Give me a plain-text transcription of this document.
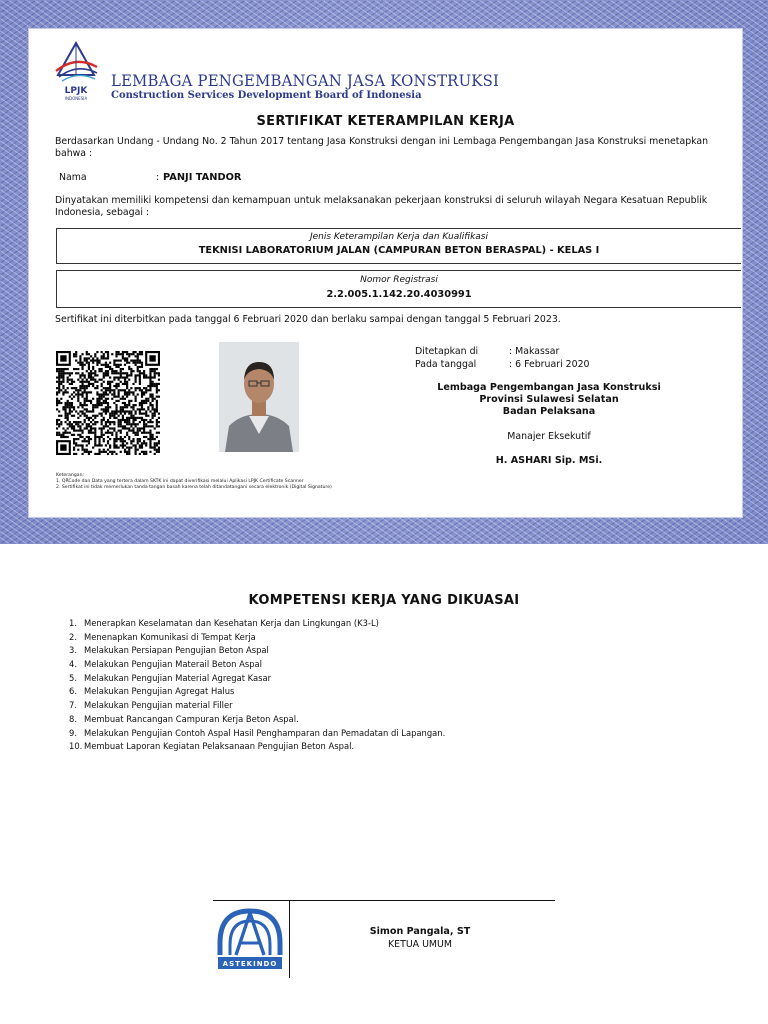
LPJK
INDONESIA
LEMBAGA PENGEMBANGAN JASA KONSTRUKSI
Construction Services Development Board of Indonesia
SERTIFIKAT KETERAMPILAN KERJA
Berdasarkan Undang - Undang No. 2 Tahun 2017 tentang Jasa Konstruksi dengan ini Lembaga Pengembangan Jasa Konstruksi menetapkan bahwa :
Nama	: PANJI TANDOR
Dinyatakan memiliki kompetensi dan kemampuan untuk melaksanakan pekerjaan konstruksi di seluruh wilayah Negara Kesatuan Republik Indonesia, sebagai :
Jenis Keterampilan Kerja dan Kualifikasi
TEKNISI LABORATORIUM JALAN (CAMPURAN BETON BERASPAL) - KELAS I
Nomor Registrasi
2.2.005.1.142.20.4030991
Sertifikat ini diterbitkan pada tanggal 6 Februari 2020 dan berlaku sampai dengan tanggal 5 Februari 2023.
Ditetapkan di	: Makassar
Pada tanggal	: 6 Februari 2020
Lembaga Pengembangan Jasa Konstruksi
Provinsi Sulawesi Selatan
Badan Pelaksana
Manajer Eksekutif
H. ASHARI Sip. MSi.
Keterangan:
1. QRCode dan Data yang tertera dalam SKTK ini dapat diverifikasi melalui Aplikasi LPJK Certificate Scanner
2. Sertifikat ini tidak memerlukan tanda tangan basah karena telah ditandatangani secara elektronik (Digital Signature)
KOMPETENSI KERJA YANG DIKUASAI
1. Menerapkan Keselamatan dan Kesehatan Kerja dan Lingkungan (K3-L)
2. Menenapkan Komunikasi di Tempat Kerja
3. Melakukan Persiapan Pengujian Beton Aspal
4. Melakukan Pengujian Materail Beton Aspal
5. Melakukan Pengujian Material Agregat Kasar
6. Melakukan Pengujian Agregat Halus
7. Melakukan Pengujian material Filler
8. Membuat Rancangan Campuran Kerja Beton Aspal.
9. Melakukan Pengujian Contoh Aspal Hasil Penghamparan dan Pemadatan di Lapangan.
10. Membuat Laporan Kegiatan Pelaksanaan Pengujian Beton Aspal.
ASTEKINDO
Simon Pangala, ST
KETUA UMUM
